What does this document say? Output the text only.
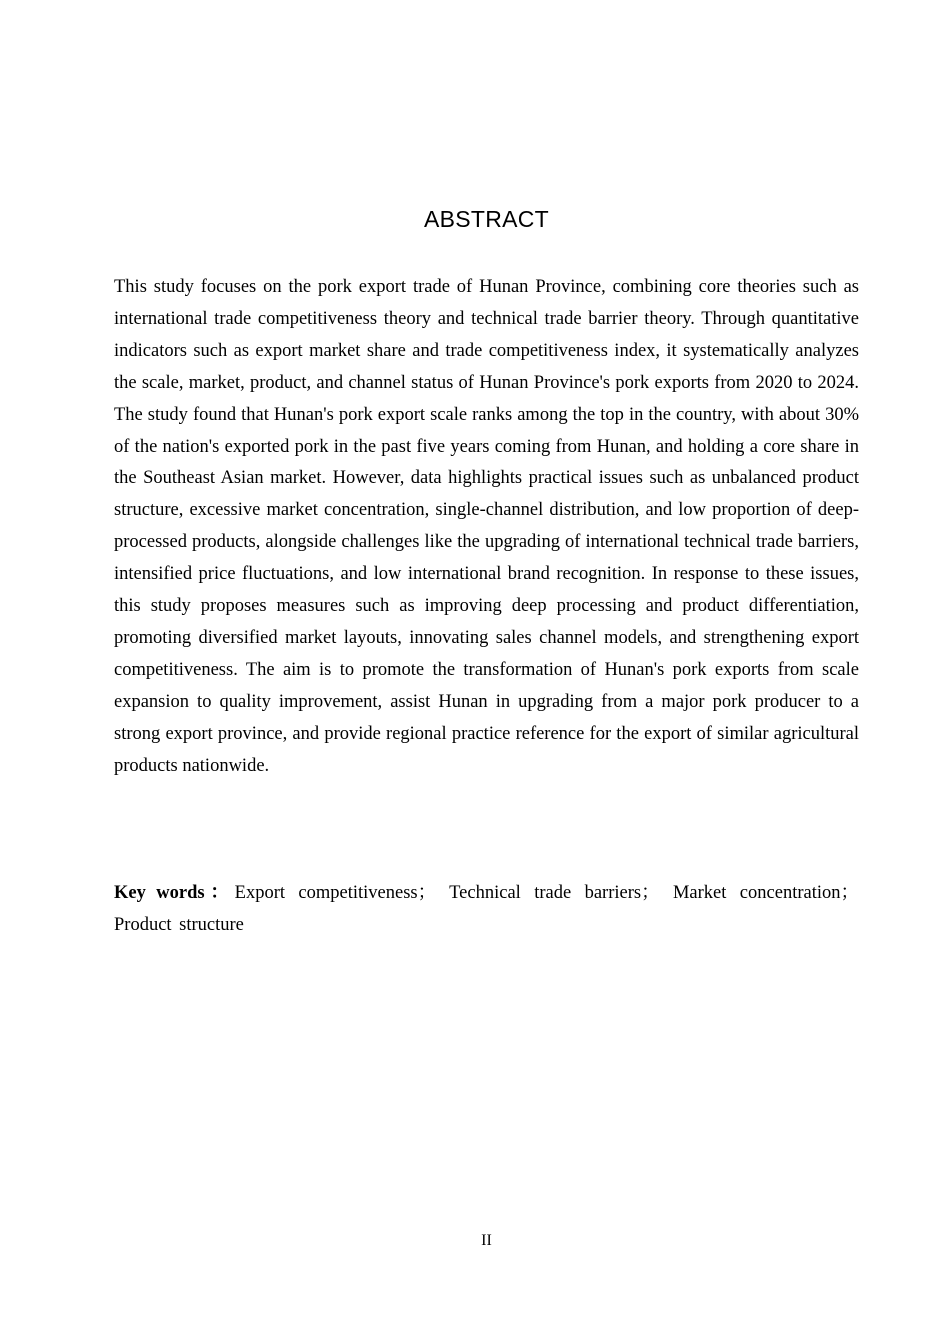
ABSTRACT

This study focuses on the pork export trade of Hunan Province, combining core theories such as international trade competitiveness theory and technical trade barrier theory. Through quantitative indicators such as export market share and trade competitiveness index, it systematically analyzes the scale, market, product, and channel status of Hunan Province's pork exports from 2020 to 2024. The study found that Hunan's pork export scale ranks among the top in the country, with about 30% of the nation's exported pork in the past five years coming from Hunan, and holding a core share in the Southeast Asian market. However, data highlights practical issues such as unbalanced product structure, excessive market concentration, single-channel distribution, and low proportion of deep-processed products, alongside challenges like the upgrading of international technical trade barriers, intensified price fluctuations, and low international brand recognition. In response to these issues, this study proposes measures such as improving deep processing and product differentiation, promoting diversified market layouts, innovating sales channel models, and strengthening export competitiveness. The aim is to promote the transformation of Hunan's pork exports from scale expansion to quality improvement, assist Hunan in upgrading from a major pork producer to a strong export province, and provide regional practice reference for the export of similar agricultural products nationwide.

Key words：Export competitiveness； Technical trade barriers； Market concentration； Product structure

II
